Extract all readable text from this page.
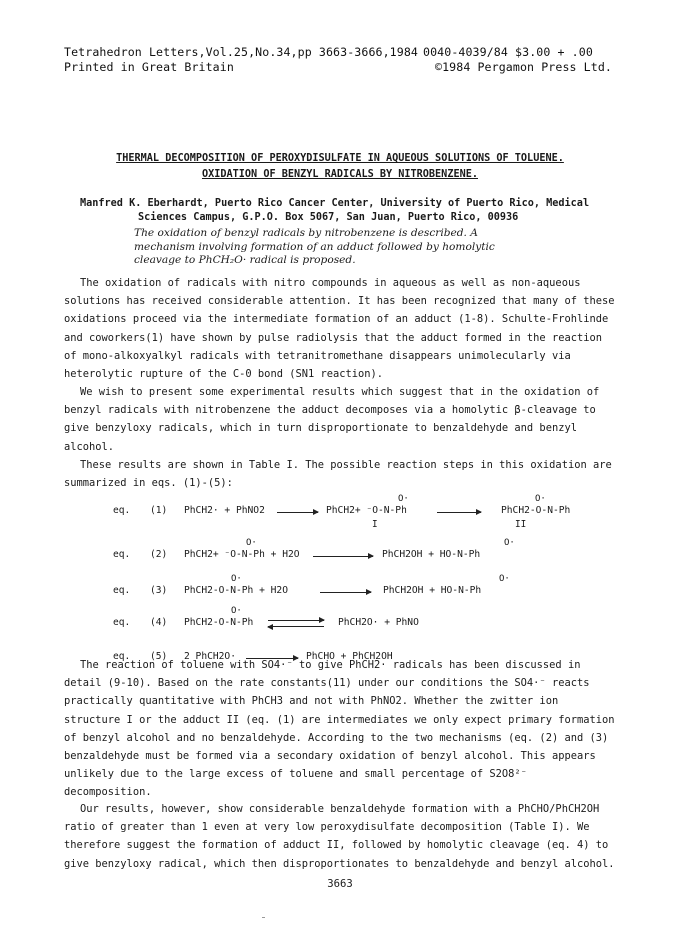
Tetrahedron Letters,Vol.25,No.34,pp 3663-3666,1984
Printed in Great Britain
0040-4039/84 $3.00 + .00
©1984 Pergamon Press Ltd.
THERMAL DECOMPOSITION OF PEROXYDISULFATE IN AQUEOUS SOLUTIONS OF TOLUENE.
OXIDATION OF BENZYL RADICALS BY NITROBENZENE.
Manfred K. Eberhardt, Puerto Rico Cancer Center, University of Puerto Rico, Medical
Sciences Campus, G.P.O. Box 5067, San Juan, Puerto Rico, 00936
The oxidation of benzyl radicals by nitrobenzene is described. A
mechanism involving formation of an adduct followed by homolytic
cleavage to PhCH₂O· radical is proposed.
The oxidation of radicals with nitro compounds in aqueous as well as non-aqueous solutions has received considerable attention. It has been recognized that many of these oxidations proceed via the intermediate formation of an adduct (1-8). Schulte-Frohlinde and coworkers(1) have shown by pulse radiolysis that the adduct formed in the reaction of mono-alkoxyalkyl radicals with tetranitromethane disappears unimolecularly via heterolytic rupture of the C-0 bond (SN1 reaction).
We wish to present some experimental results which suggest that in the oxidation of benzyl radicals with nitrobenzene the adduct decomposes via a homolytic β-cleavage to give benzyloxy radicals, which in turn disproportionate to benzaldehyde and benzyl alcohol.
These results are shown in Table I. The possible reaction steps in this oxidation are summarized in eqs. (1)-(5):
eq. (1) PhCH2· + PhNO2	PhCH2+ ⁻O-N-Ph
O·
PhCH2-O-N-Ph
O·
I	II
eq. (2) PhCH2+ ⁻O-N-Ph + H2O
O·
PhCH2OH + HO-N-Ph
O·
eq. (3) PhCH2-O-N-Ph + H2O
O·
PhCH2OH + HO-N-Ph
O·
eq. (4) PhCH2-O-N-Ph
O·
PhCH2O· + PhNO
eq. (5) 2 PhCH2O·	PhCHO + PhCH2OH
The reaction of toluene with SO4·⁻ to give PhCH2· radicals has been discussed in detail (9-10). Based on the rate constants(11) under our conditions the SO4·⁻ reacts practically quantitative with PhCH3 and not with PhNO2. Whether the zwitter ion structure I or the adduct II (eq. (1) are intermediates we only expect primary formation of benzyl alcohol and no benzaldehyde. According to the two mechanisms (eq. (2) and (3) benzaldehyde must be formed via a secondary oxidation of benzyl alcohol. This appears unlikely due to the large excess of toluene and small percentage of S2O8²⁻ decomposition.
Our results, however, show considerable benzaldehyde formation with a PhCHO/PhCH2OH ratio of greater than 1 even at very low peroxydisulfate decomposition (Table I). We therefore suggest the formation of adduct II, followed by homolytic cleavage (eq. 4) to give benzyloxy radical, which then disproportionates to benzaldehyde and benzyl alcohol.
3663
